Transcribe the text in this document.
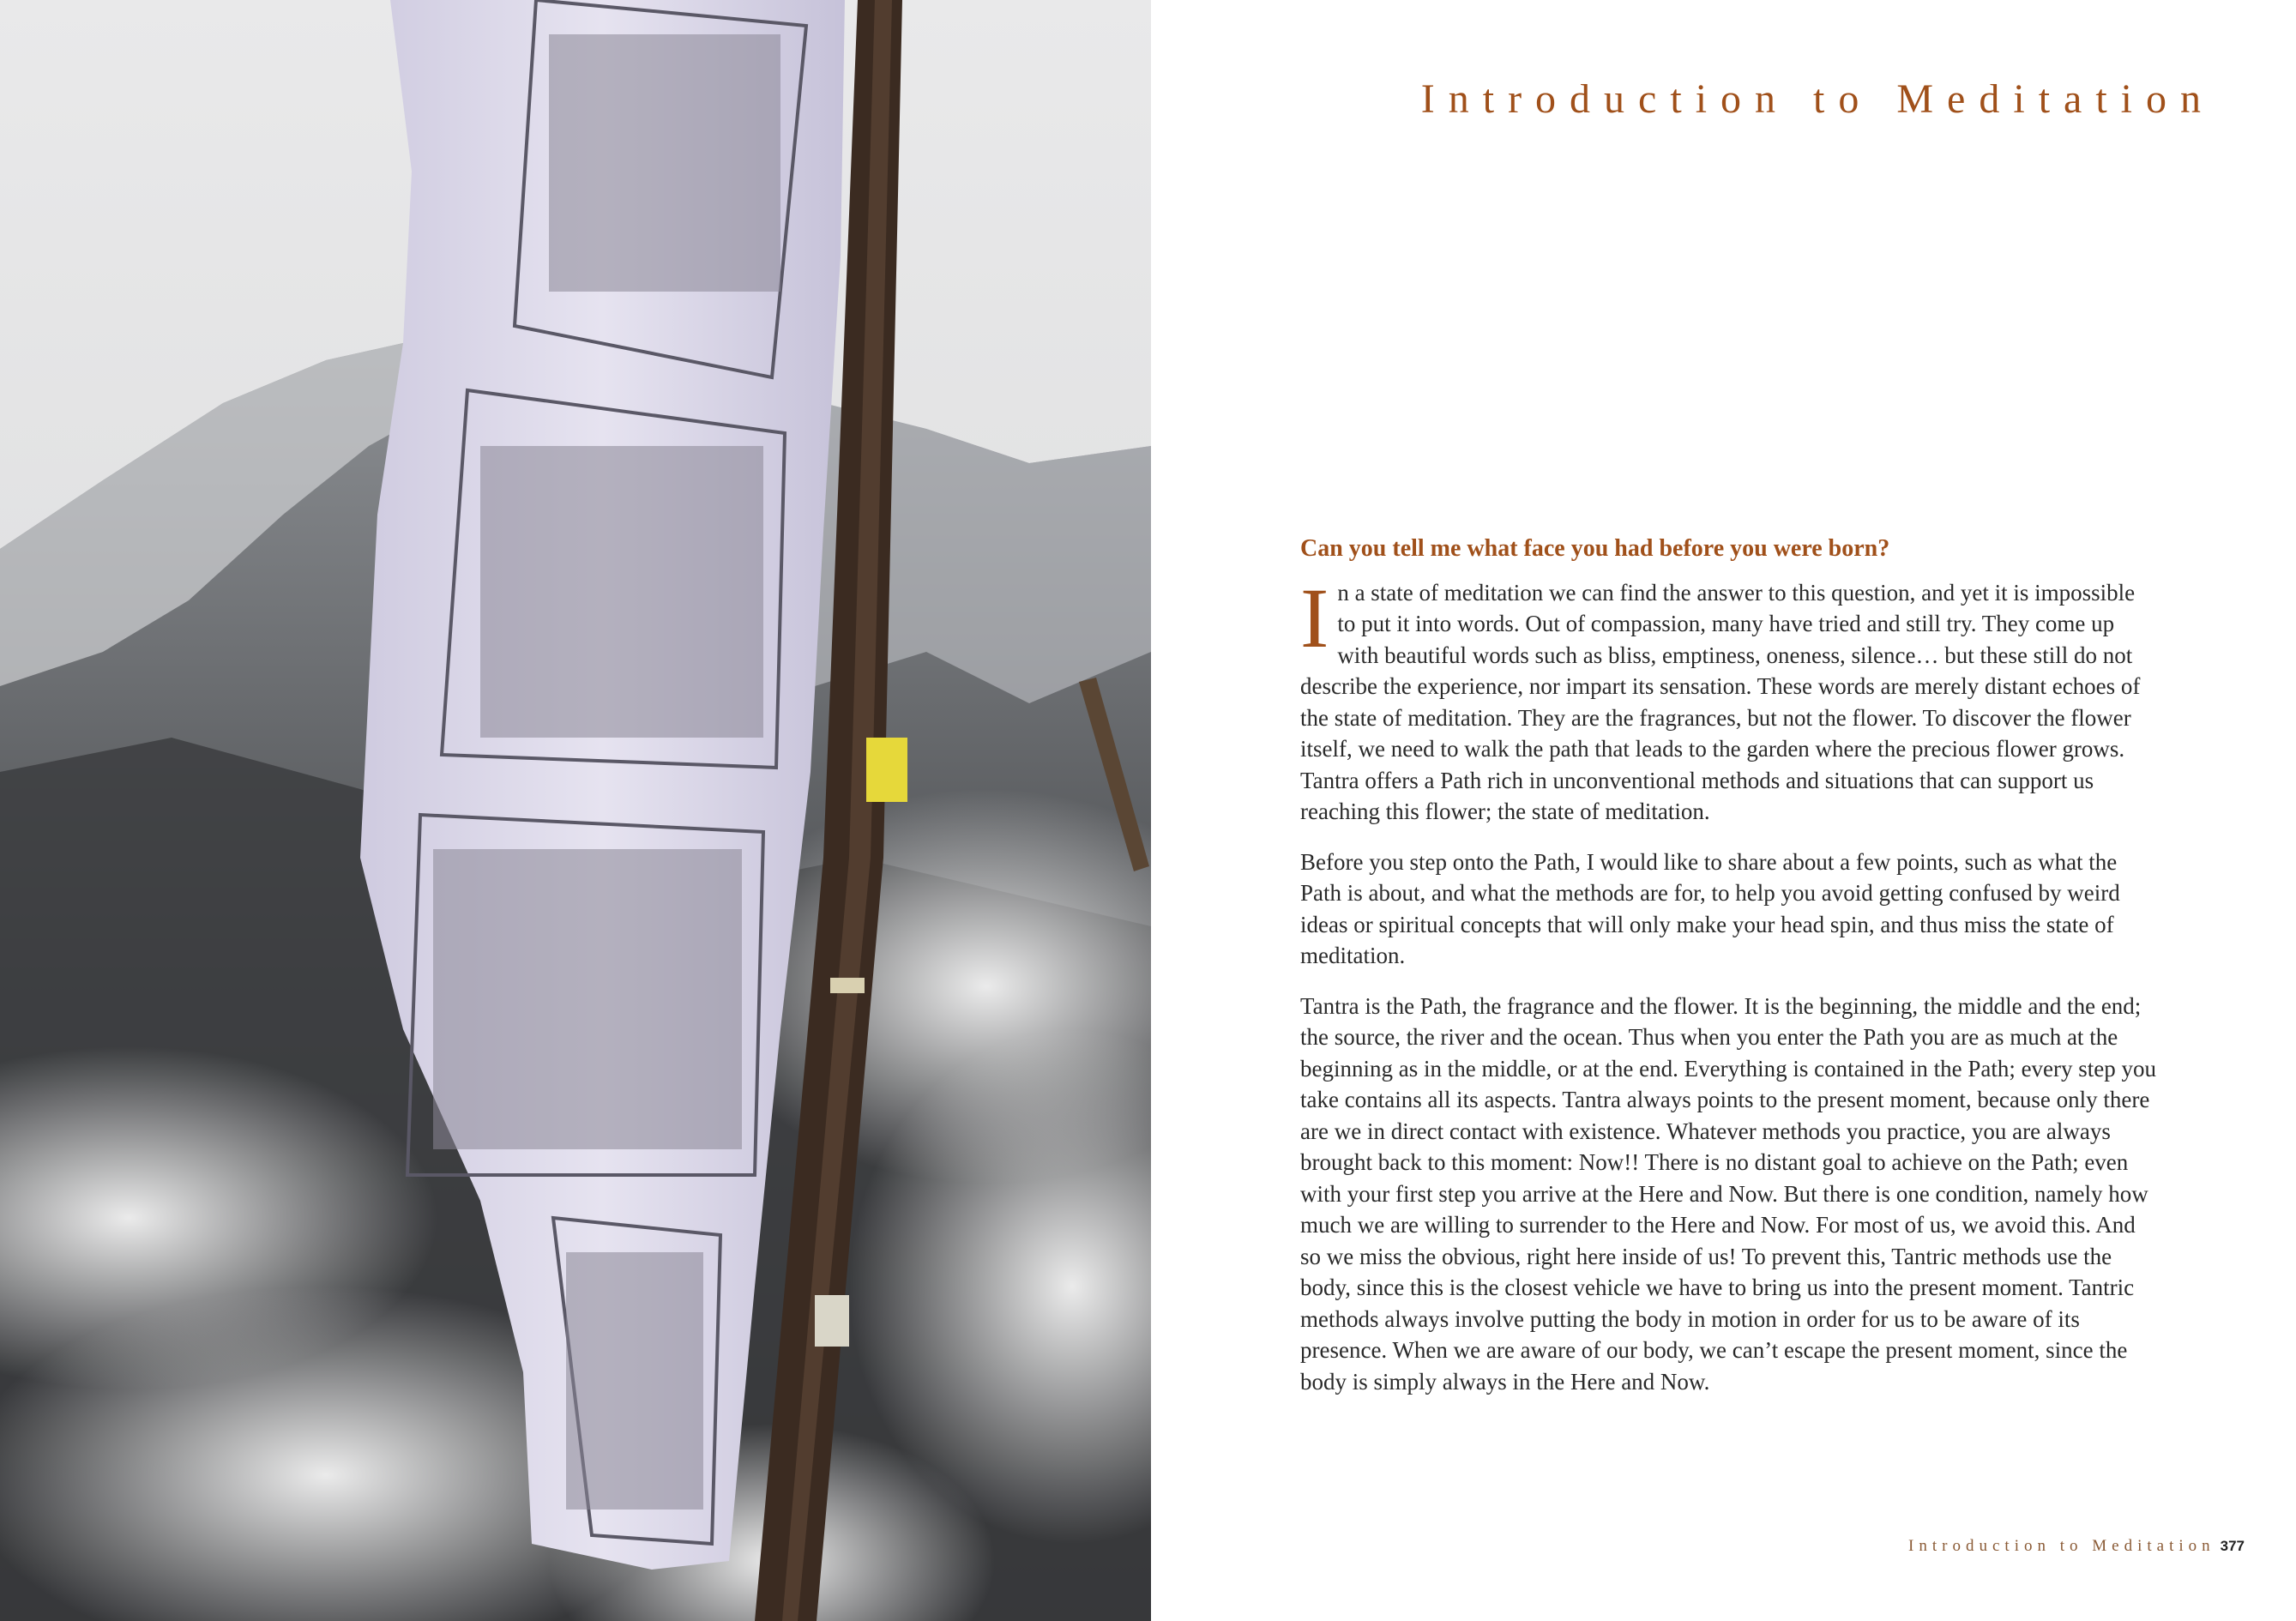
Introduction to Meditation

Can you tell me what face you had before you were born?

In a state of meditation we can find the answer to this question, and yet it is impossible to put it into words. Out of compassion, many have tried and still try. They come up with beautiful words such as bliss, emptiness, oneness, silence… but these still do not describe the experience, nor impart its sensation. These words are merely distant echoes of the state of meditation. They are the fragrances, but not the flower. To discover the flower itself, we need to walk the path that leads to the garden where the precious flower grows. Tantra offers a Path rich in unconventional methods and situations that can support us reaching this flower; the state of meditation.

Before you step onto the Path, I would like to share about a few points, such as what the Path is about, and what the methods are for, to help you avoid getting confused by weird ideas or spiritual concepts that will only make your head spin, and thus miss the state of meditation.

Tantra is the Path, the fragrance and the flower. It is the beginning, the middle and the end; the source, the river and the ocean. Thus when you enter the Path you are as much at the beginning as in the middle, or at the end. Everything is contained in the Path; every step you take contains all its aspects. Tantra always points to the present moment, because only there are we in direct contact with existence. Whatever methods you practice, you are always brought back to this moment: Now!! There is no distant goal to achieve on the Path; even with your first step you arrive at the Here and Now. But there is one condition, namely how much we are willing to surrender to the Here and Now. For most of us, we avoid this. And so we miss the obvious, right here inside of us! To prevent this, Tantric methods use the body, since this is the closest vehicle we have to bring us into the present moment. Tantric methods always involve putting the body in motion in order for us to be aware of its presence. When we are aware of our body, we can’t escape the present moment, since the body is simply always in the Here and Now.

Introduction to Meditation 377
